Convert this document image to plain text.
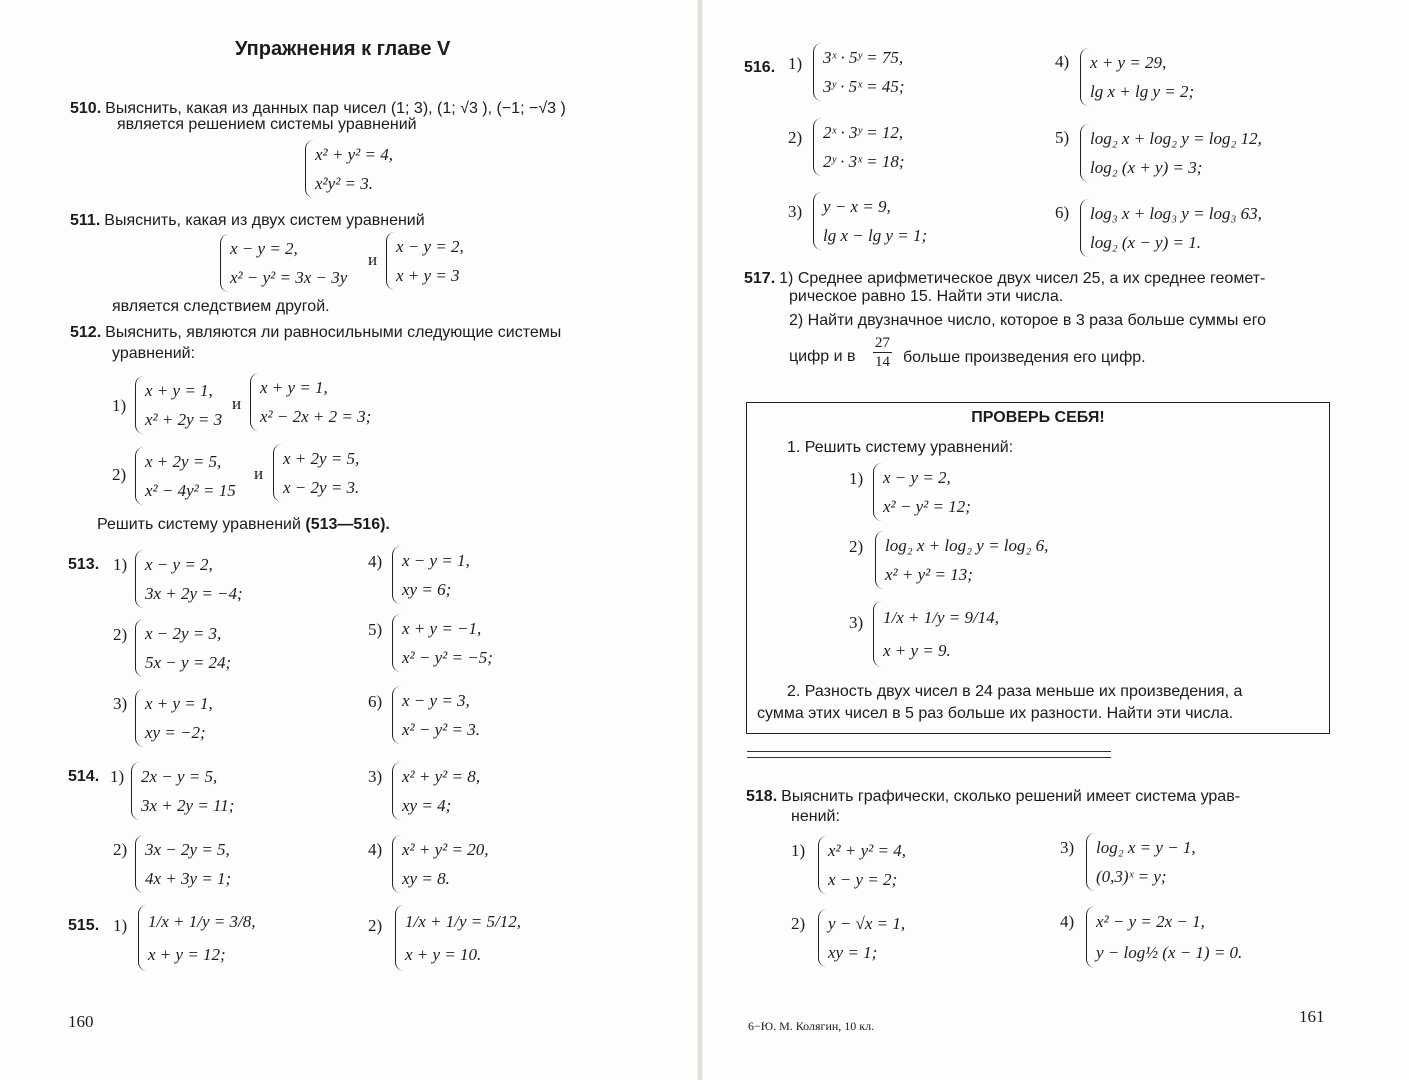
Упражнения к главе V
510. Выяснить, какая из данных пар чисел (1; 3), (1; √3 ), (−1; −√3 )
является решением системы уравнений
x² + y² = 4,
x²y² = 3.
511. Выяснить, какая из двух систем уравнений
x − y = 2,
x² − y² = 3x − 3y
и
x − y = 2,
x + y = 3
является следствием другой.
512. Выяснить, являются ли равносильными следующие системы
уравнений:
1)
x + y = 1,
x² + 2y = 3
и
x + y = 1,
x² − 2x + 2 = 3;
2)
x + 2y = 5,
x² − 4y² = 15
и
x + 2y = 5,
x − 2y = 3.
Решить систему уравнений (513—516).
513. 1) x − y = 2,
3x + 2y = −4;
2) x − 2y = 3,
5x − y = 24;
3) x + y = 1,
xy = −2;
4) x − y = 1,
xy = 6;
5) x + y = −1,
x² − y² = −5;
6) x − y = 3,
x² − y² = 3.
514. 1) 2x − y = 5,
3x + 2y = 11;
2) 3x − 2y = 5,
4x + 3y = 1;
3) x² + y² = 8,
xy = 4;
4) x² + y² = 20,
xy = 8.
515. 1) 1/x + 1/y = 3/8,
x + y = 12;
2) 1/x + 1/y = 5/12,
x + y = 10.
160
516. 1) 3ˣ · 5ʸ = 75,
3ʸ · 5ˣ = 45;
2) 2ˣ · 3ʸ = 12,
2ʸ · 3ˣ = 18;
3) y − x = 9,
lg x − lg y = 1;
4) x + y = 29,
lg x + lg y = 2;
5) log₂ x + log₂ y = log₂ 12,
log₂ (x + y) = 3;
6) log₃ x + log₃ y = log₃ 63,
log₂ (x − y) = 1.
517. 1) Среднее арифметическое двух чисел 25, а их среднее геомет-
рическое равно 15. Найти эти числа.
2) Найти двузначное число, которое в 3 раза больше суммы его
цифр и в $\frac{27}{14}$ больше произведения его цифр.
ПРОВЕРЬ СЕБЯ!
1. Решить систему уравнений:
1) x − y = 2,
x² − y² = 12;
2) log₂ x + log₂ y = log₂ 6,
x² + y² = 13;
3) 1/x + 1/y = 9/14,
x + y = 9.
2. Разность двух чисел в 24 раза меньше их произведения, а
сумма этих чисел в 5 раз больше их разности. Найти эти числа.
518. Выяснить графически, сколько решений имеет система урав-
нений:
1) x² + y² = 4,
x − y = 2;
2) y − √x = 1,
xy = 1;
3) log₂ x = y − 1,
(0,3)ˣ = y;
4) x² − y = 2x − 1,
y − log½ (x − 1) = 0.
6−Ю. М. Колягин, 10 кл.	161
